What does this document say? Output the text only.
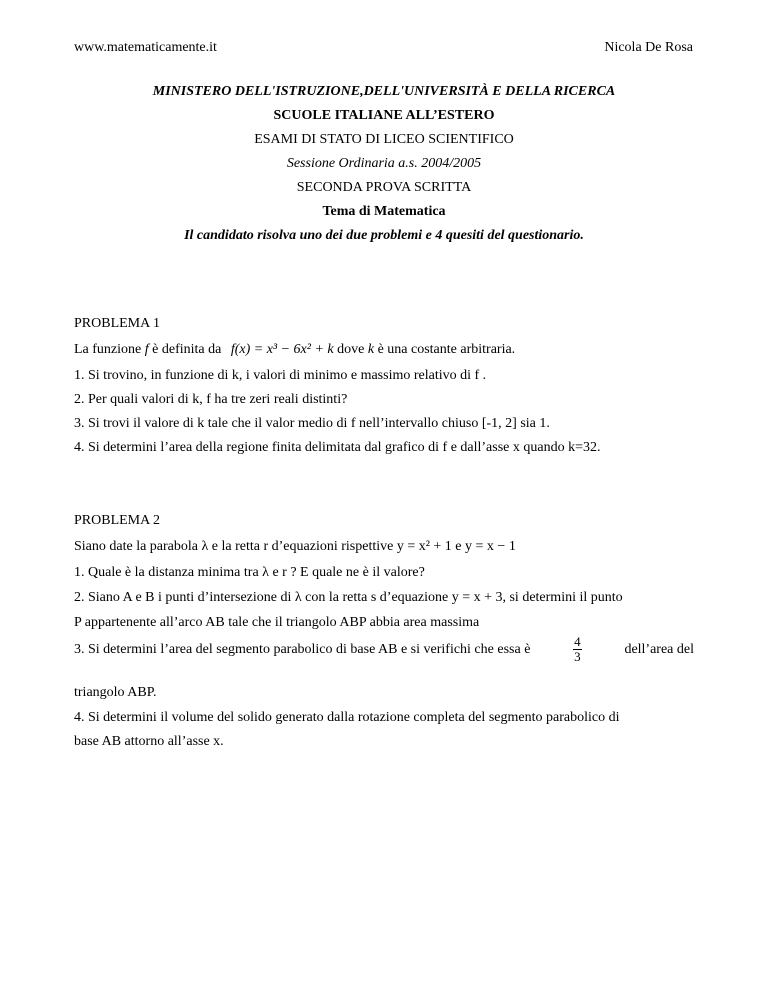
www.matematicamente.it	Nicola De Rosa
MINISTERO DELL'ISTRUZIONE,DELL'UNIVERSITÀ E DELLA RICERCA
SCUOLE ITALIANE ALL’ESTERO
ESAMI DI STATO DI LICEO SCIENTIFICO
Sessione Ordinaria a.s. 2004/2005
SECONDA PROVA SCRITTA
Tema di Matematica
Il candidato risolva uno dei due problemi e 4 quesiti del questionario.
PROBLEMA 1
La funzione f è definita da f(x) = x³ − 6x² + k dove k è una costante arbitraria.
1. Si trovino, in funzione di k, i valori di minimo e massimo relativo di f .
2. Per quali valori di k, f ha tre zeri reali distinti?
3. Si trovi il valore di k tale che il valor medio di f nell’intervallo chiuso [-1, 2] sia 1.
4. Si determini l’area della regione finita delimitata dal grafico di f e dall’asse x quando k=32.
PROBLEMA 2
Siano date la parabola λ e la retta r d’equazioni rispettive y = x² + 1 e y = x − 1
1. Quale è la distanza minima tra λ e r ? E quale ne è il valore?
2. Siano A e B i punti d’intersezione di λ con la retta s d’equazione y = x + 3, si determini il punto
P appartenente all’arco AB tale che il triangolo ABP abbia area massima
3. Si determini l’area del segmento parabolico di base AB e si verifichi che essa è	$\frac{4}{3}$	dell’area del
triangolo ABP.
4. Si determini il volume del solido generato dalla rotazione completa del segmento parabolico di
base AB attorno all’asse x.
